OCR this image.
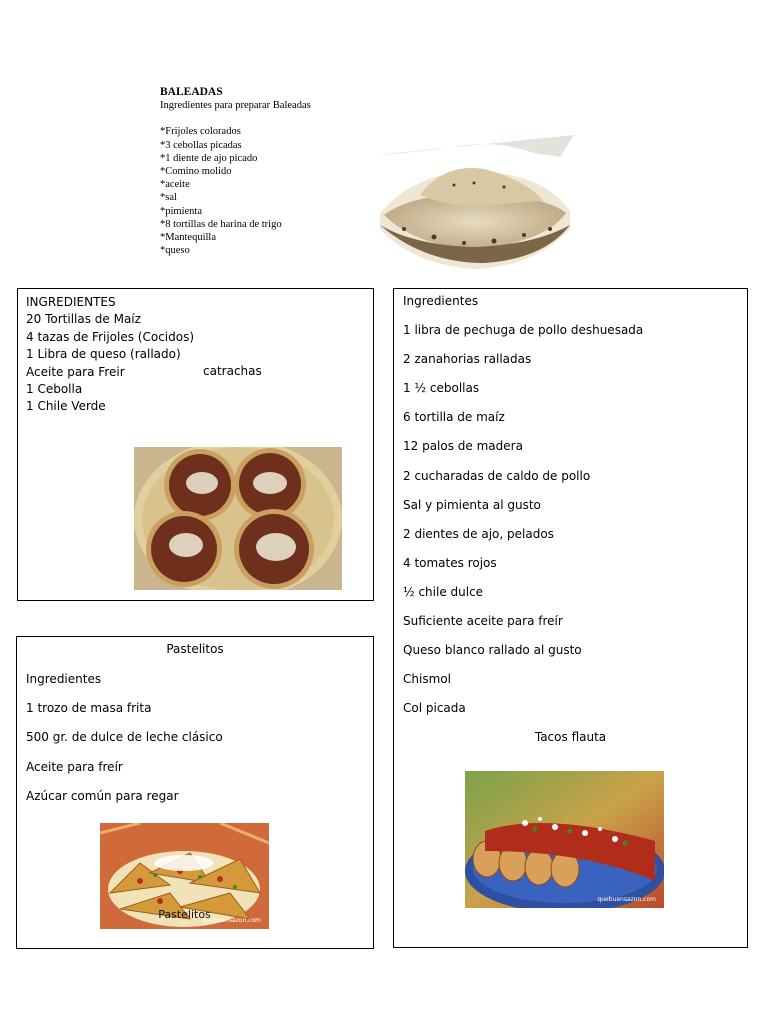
BALEADAS
Ingredientes para preparar Baleadas
*Frijoles colorados
*3 cebollas picadas
*1 diente de ajo picado
*Comino molido
*aceite
*sal
*pimienta
*8 tortillas de harina de trigo
*Mantequilla
*queso
INGREDIENTES
20 Tortillas de Maíz
4 tazas de Frijoles (Cocidos)
1 Libra de queso (rallado)
Aceite para Freir
1 Cebolla
1 Chile Verde
catrachas
Ingredientes
1 libra de pechuga de pollo deshuesada
2 zanahorias ralladas
1 ½ cebollas
6 tortilla de maíz
12 palos de madera
2 cucharadas de caldo de pollo
Sal y pimienta al gusto
2 dientes de ajo, pelados
4 tomates rojos
½ chile dulce
Suficiente aceite para freír
Queso blanco rallado al gusto
Chismol
Col picada
Tacos flauta
quebuensazon.com
Pastelitos
Ingredientes
1 trozo de masa frita
500 gr. de dulce de leche clásico
Aceite para freír
Azúcar común para regar
Pastelitos
quebuensazon.com
